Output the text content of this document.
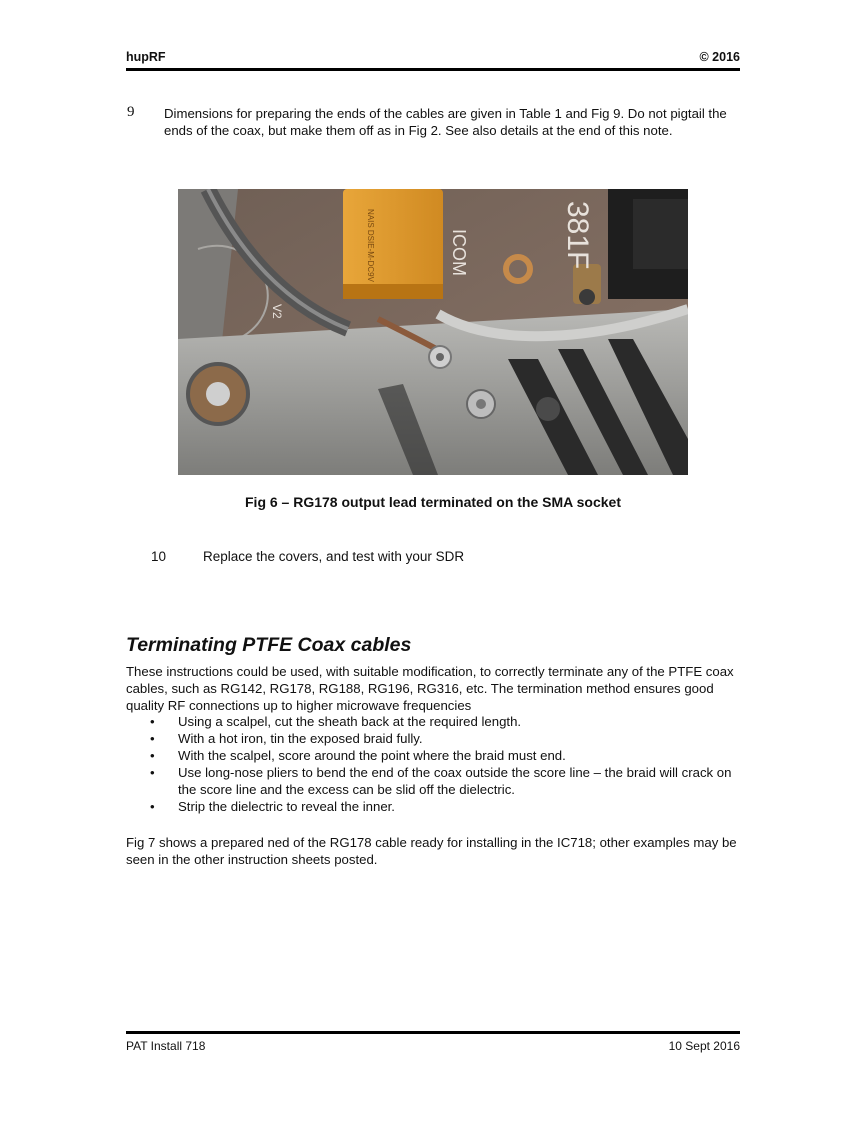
hupRF	© 2016
9 Dimensions for preparing the ends of the cables are given in Table 1 and Fig 9. Do not pigtail the ends of the coax, but make them off as in Fig 2. See also details at the end of this note.
381F
ICOM
V2
NAIS DSIE-M-DC9V
Fig 6 – RG178 output lead terminated on the SMA socket
10	Replace the covers, and test with your SDR
Terminating PTFE Coax cables
These instructions could be used, with suitable modification, to correctly terminate any of the PTFE coax cables, such as RG142, RG178, RG188, RG196, RG316, etc. The termination method ensures good quality RF connections up to higher microwave frequencies
• Using a scalpel, cut the sheath back at the required length.
• With a hot iron, tin the exposed braid fully.
• With the scalpel, score around the point where the braid must end.
• Use long-nose pliers to bend the end of the coax outside the score line – the braid will crack on the score line and the excess can be slid off the dielectric.
• Strip the dielectric to reveal the inner.
Fig 7 shows a prepared ned of the RG178 cable ready for installing in the IC718; other examples may be seen in the other instruction sheets posted.
PAT Install 718	10 Sept 2016
